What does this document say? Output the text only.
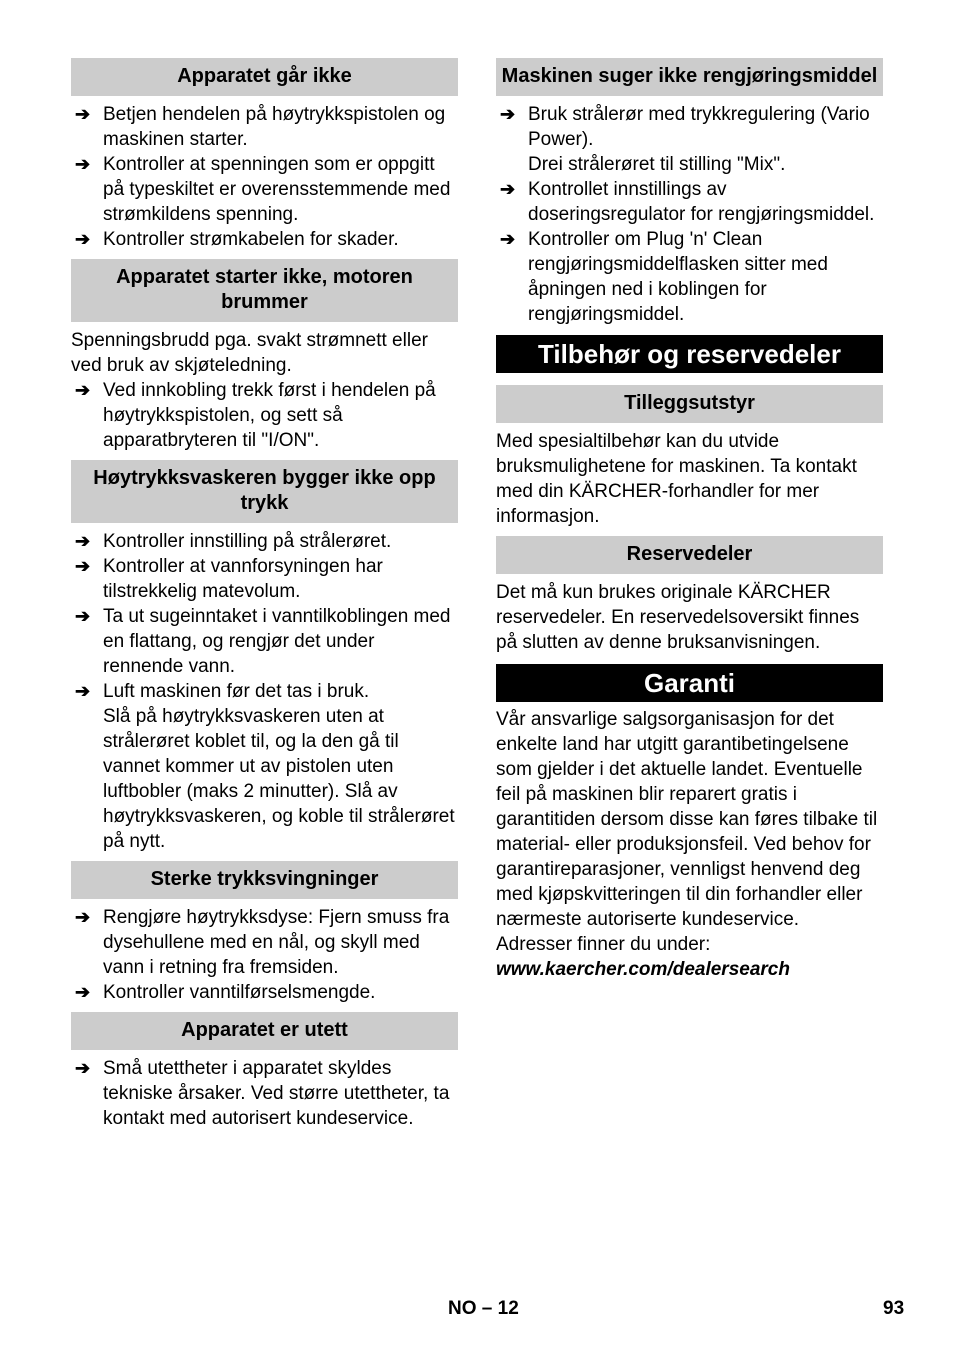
Apparatet går ikke
➔ Betjen hendelen på høytrykkspistolen og maskinen starter.
➔ Kontroller at spenningen som er oppgitt på typeskiltet er overensstemmende med strømkildens spenning.
➔ Kontroller strømkabelen for skader.
Apparatet starter ikke, motoren brummer
Spenningsbrudd pga. svakt strømnett eller ved bruk av skjøteledning.
➔ Ved innkobling trekk først i hendelen på høytrykkspistolen, og sett så apparatbryteren til "I/ON".
Høytrykksvaskeren bygger ikke opp trykk
➔ Kontroller innstilling på strålerøret.
➔ Kontroller at vannforsyningen har tilstrekkelig matevolum.
➔ Ta ut sugeinntaket i vanntilkoblingen med en flattang, og rengjør det under rennende vann.
➔ Luft maskinen før det tas i bruk.
Slå på høytrykksvaskeren uten at strålerøret koblet til, og la den gå til vannet kommer ut av pistolen uten luftbobler (maks 2 minutter). Slå av høytrykksvaskeren, og koble til strålerøret på nytt.
Sterke trykksvingninger
➔ Rengjøre høytrykksdyse: Fjern smuss fra dysehullene med en nål, og skyll med vann i retning fra fremsiden.
➔ Kontroller vanntilførselsmengde.
Apparatet er utett
➔ Små utettheter i apparatet skyldes tekniske årsaker. Ved større utettheter, ta kontakt med autorisert kundeservice.
Maskinen suger ikke rengjøringsmiddel
➔ Bruk strålerør med trykkregulering (Vario Power).
Drei strålerøret til stilling "Mix".
➔ Kontrollet innstillings av doseringsregulator for rengjøringsmiddel.
➔ Kontroller om Plug 'n' Clean rengjøringsmiddelflasken sitter med åpningen ned i koblingen for rengjøringsmiddel.
Tilbehør og reservedeler
Tilleggsutstyr
Med spesialtilbehør kan du utvide bruksmulighetene for maskinen. Ta kontakt med din KÄRCHER-forhandler for mer informasjon.
Reservedeler
Det må kun brukes originale KÄRCHER reservedeler. En reservedelsoversikt finnes på slutten av denne bruksanvisningen.
Garanti
Vår ansvarlige salgsorganisasjon for det enkelte land har utgitt garantibetingelsene som gjelder i det aktuelle landet. Eventuelle feil på maskinen blir reparert gratis i garantitiden dersom disse kan føres tilbake til material- eller produksjonsfeil. Ved behov for garantireparasjoner, vennligst henvend deg med kjøpskvitteringen til din forhandler eller nærmeste autoriserte kundeservice.
Adresser finner du under:
www.kaercher.com/dealersearch
NO – 12	93
